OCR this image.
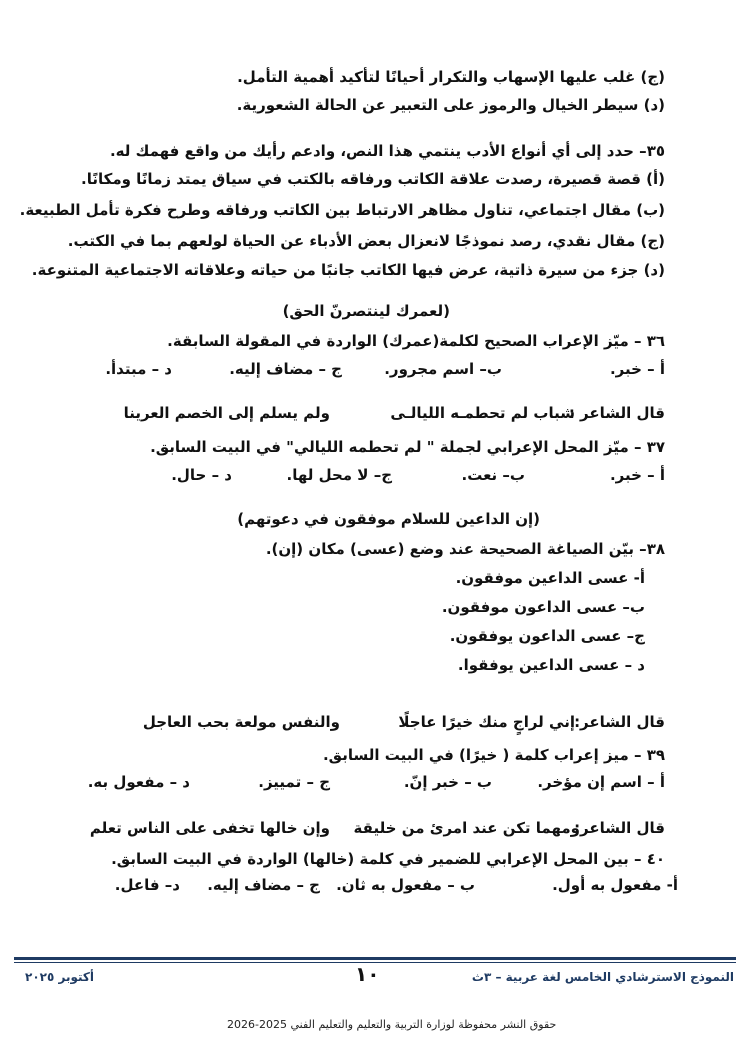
(ج) غلب عليها الإسهاب والتكرار أحيانًا لتأكيد أهمية التأمل.
(د) سيطر الخيال والرموز على التعبير عن الحالة الشعورية.
٣٥– حدد إلى أي أنواع الأدب ينتمي هذا النص، وادعم رأيك من واقع فهمك له.
(أ) قصة قصيرة، رصدت علاقة الكاتب ورفاقه بالكتب في سياق يمتد زمانًا ومكانًا.
(ب) مقال اجتماعي، تناول مظاهر الارتباط بين الكاتب ورفاقه وطرح فكرة تأمل الطبيعة.
(ج) مقال نقدي، رصد نموذجًا لانعزال بعض الأدباء عن الحياة لولعهم بما في الكتب.
(د) جزء من سيرة ذاتية، عرض فيها الكاتب جانبًا من حياته وعلاقاته الاجتماعية المتنوعة.
(لعمرك لينتصرنّ الحق)
٣٦ – ميّز الإعراب الصحيح لكلمة(عمرك) الواردة في المقولة السابقة.
أ – خبر.
ب– اسم مجرور.
ج – مضاف إليه.
د – مبتدأ.
قال الشاعر :
شباب لم تحطمـه الليالـى
ولم يسلم إلى الخصم العرينا
٣٧ – ميّز المحل الإعرابي لجملة " لم تحطمه الليالي" في البيت السابق.
أ – خبر.
ب– نعت.
ج– لا محل لها.
د – حال.
(إن الداعين للسلام موفقون في دعوتهم)
٣٨– بيّن الصياغة الصحيحة عند وضع (عسى) مكان (إن).
أ- عسى الداعين موفقون.
ب– عسى الداعون موفقون.
ج– عسى الداعون يوفقون.
د – عسى الداعين يوفقوا.
قال الشاعر:
إني لراجٍ منك خيرًا عاجلًا
والنفس مولعة بحب العاجل
٣٩ – ميز إعراب كلمة ( خيرًا) في البيت السابق.
أ – اسم إن مؤخر.
ب – خبر إنّ.
ج – تمييز.
د – مفعول به.
قال الشاعر:
ومهما تكن عند امرئ من خليقة
وإن خالها تخفى على الناس تعلم
٤٠ – بين المحل الإعرابي للضمير في كلمة (خالها) الواردة في البيت السابق.
أ- مفعول به أول.
ب – مفعول به ثان.
ج – مضاف إليه.
د– فاعل.
النموذج الاسترشادي الخامس لغة عربية – ٣ث
١٠
أكتوبر ٢٠٢٥
حقوق النشر محفوظة لوزارة التربية والتعليم والتعليم الفني 2025-2026
